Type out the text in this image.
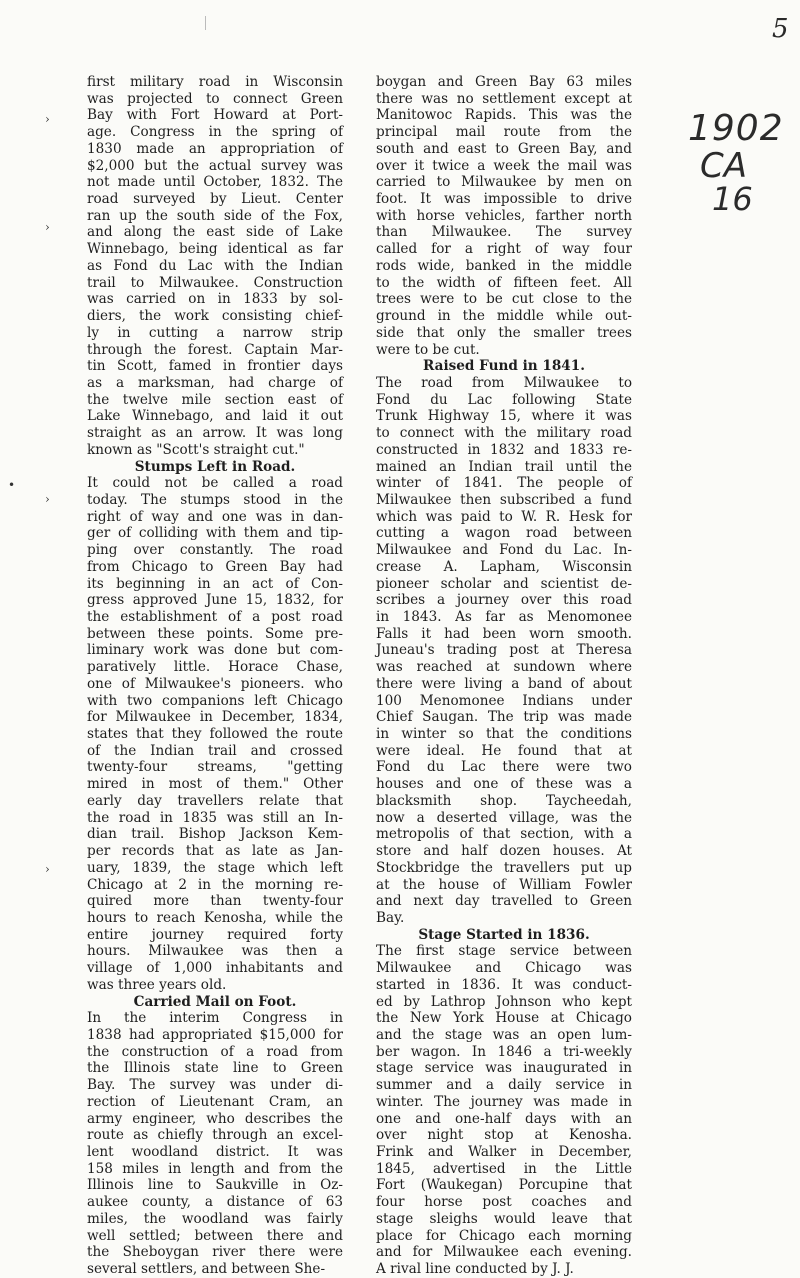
5
1902
CA
16
›
›
•
›
›
first military road in Wisconsin
was projected to connect Green
Bay with Fort Howard at Port-
age. Congress in the spring of
1830 made an appropriation of
$2,000 but the actual survey was
not made until October, 1832. The
road surveyed by Lieut. Center
ran up the south side of the Fox,
and along the east side of Lake
Winnebago, being identical as far
as Fond du Lac with the Indian
trail to Milwaukee. Construction
was carried on in 1833 by sol-
diers, the work consisting chief-
ly in cutting a narrow strip
through the forest. Captain Mar-
tin Scott, famed in frontier days
as a marksman, had charge of
the twelve mile section east of
Lake Winnebago, and laid it out
straight as an arrow. It was long
known as "Scott's straight cut."
Stumps Left in Road.
It could not be called a road
today. The stumps stood in the
right of way and one was in dan-
ger of colliding with them and tip-
ping over constantly. The road
from Chicago to Green Bay had
its beginning in an act of Con-
gress approved June 15, 1832, for
the establishment of a post road
between these points. Some pre-
liminary work was done but com-
paratively little. Horace Chase,
one of Milwaukee's pioneers. who
with two companions left Chicago
for Milwaukee in December, 1834,
states that they followed the route
of the Indian trail and crossed
twenty-four streams, "getting
mired in most of them." Other
early day travellers relate that
the road in 1835 was still an In-
dian trail. Bishop Jackson Kem-
per records that as late as Jan-
uary, 1839, the stage which left
Chicago at 2 in the morning re-
quired more than twenty-four
hours to reach Kenosha, while the
entire journey required forty
hours. Milwaukee was then a
village of 1,000 inhabitants and
was three years old.
Carried Mail on Foot.
In the interim Congress in
1838 had appropriated $15,000 for
the construction of a road from
the Illinois state line to Green
Bay. The survey was under di-
rection of Lieutenant Cram, an
army engineer, who describes the
route as chiefly through an excel-
lent woodland district. It was
158 miles in length and from the
Illinois line to Saukville in Oz-
aukee county, a distance of 63
miles, the woodland was fairly
well settled; between there and
the Sheboygan river there were
several settlers, and between She-
boygan and Green Bay 63 miles
there was no settlement except at
Manitowoc Rapids. This was the
principal mail route from the
south and east to Green Bay, and
over it twice a week the mail was
carried to Milwaukee by men on
foot. It was impossible to drive
with horse vehicles, farther north
than Milwaukee. The survey
called for a right of way four
rods wide, banked in the middle
to the width of fifteen feet. All
trees were to be cut close to the
ground in the middle while out-
side that only the smaller trees
were to be cut.
Raised Fund in 1841.
The road from Milwaukee to
Fond du Lac following State
Trunk Highway 15, where it was
to connect with the military road
constructed in 1832 and 1833 re-
mained an Indian trail until the
winter of 1841. The people of
Milwaukee then subscribed a fund
which was paid to W. R. Hesk for
cutting a wagon road between
Milwaukee and Fond du Lac. In-
crease A. Lapham, Wisconsin
pioneer scholar and scientist de-
scribes a journey over this road
in 1843. As far as Menomonee
Falls it had been worn smooth.
Juneau's trading post at Theresa
was reached at sundown where
there were living a band of about
100 Menomonee Indians under
Chief Saugan. The trip was made
in winter so that the conditions
were ideal. He found that at
Fond du Lac there were two
houses and one of these was a
blacksmith shop. Taycheedah,
now a deserted village, was the
metropolis of that section, with a
store and half dozen houses. At
Stockbridge the travellers put up
at the house of William Fowler
and next day travelled to Green
Bay.
Stage Started in 1836.
The first stage service between
Milwaukee and Chicago was
started in 1836. It was conduct-
ed by Lathrop Johnson who kept
the New York House at Chicago
and the stage was an open lum-
ber wagon. In 1846 a tri-weekly
stage service was inaugurated in
summer and a daily service in
winter. The journey was made in
one and one-half days with an
over night stop at Kenosha.
Frink and Walker in December,
1845, advertised in the Little
Fort (Waukegan) Porcupine that
four horse post coaches and
stage sleighs would leave that
place for Chicago each morning
and for Milwaukee each evening.
A rival line conducted by J. J.
